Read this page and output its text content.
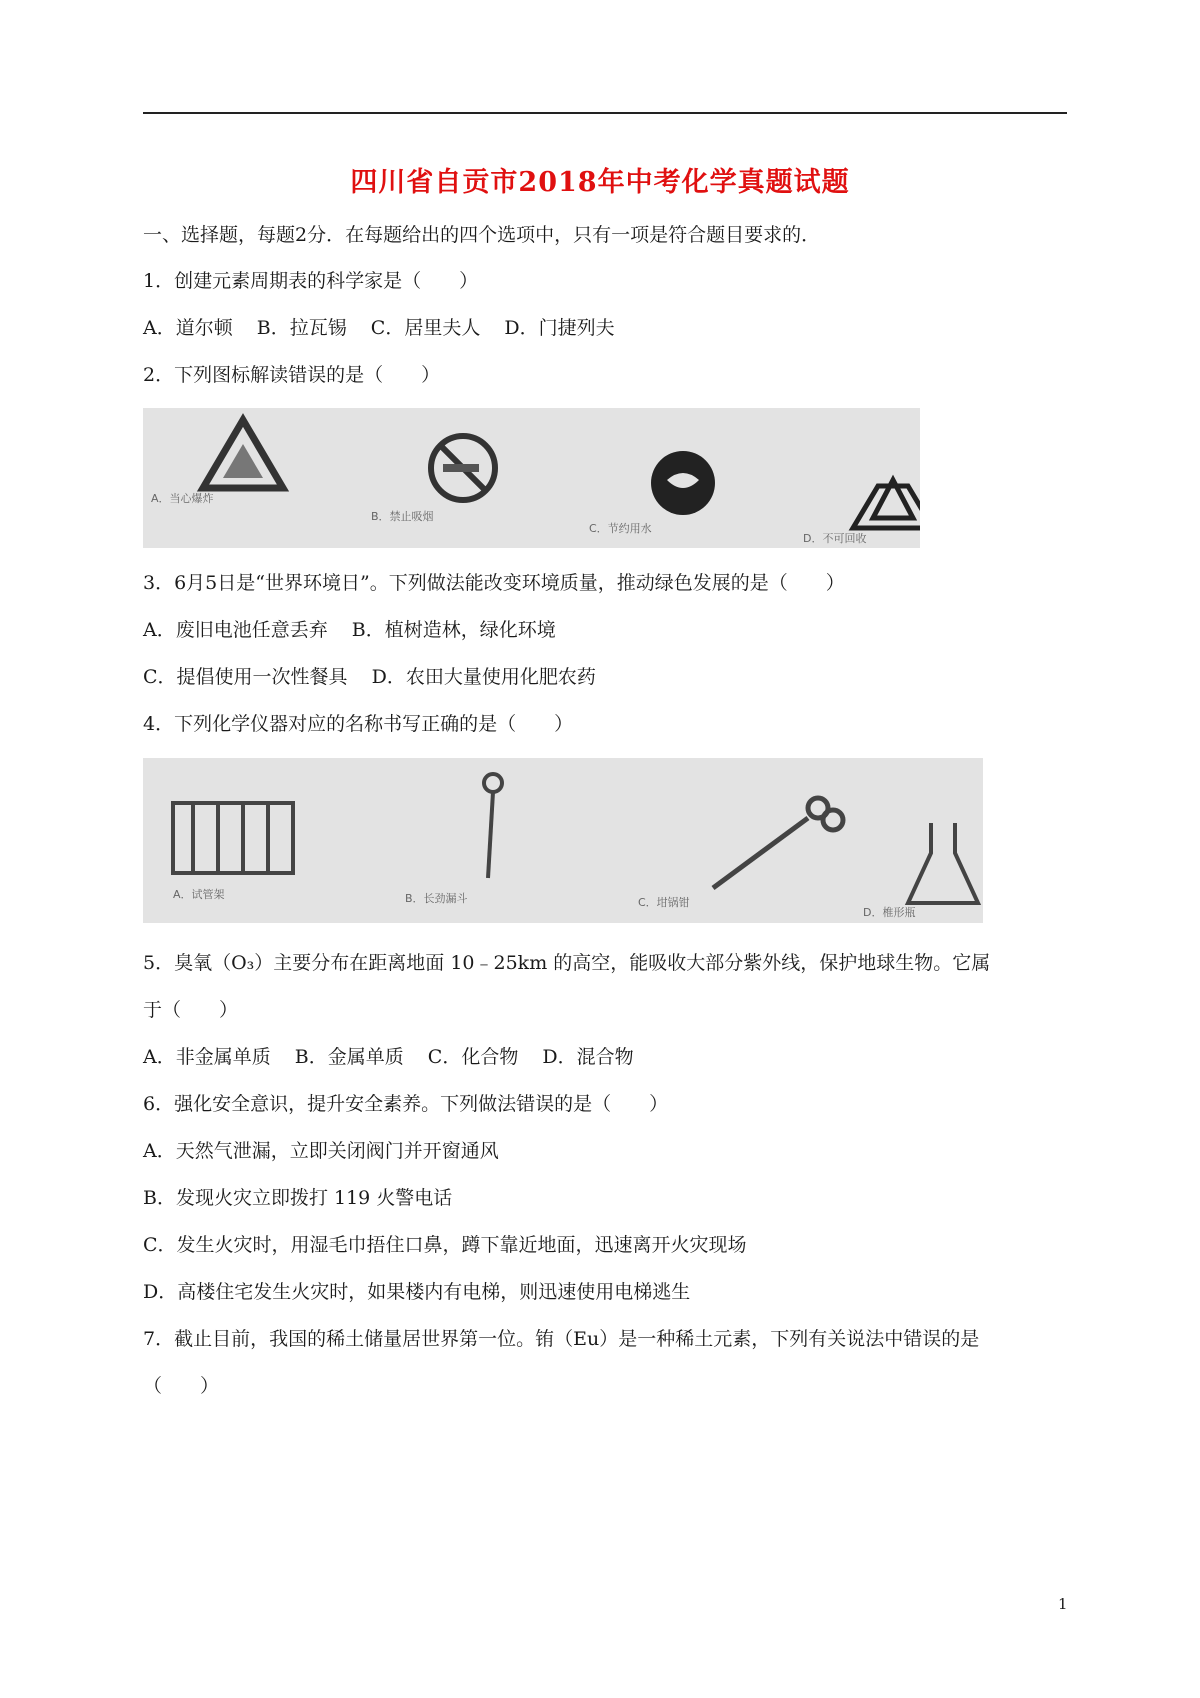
四川省自贡市2018年中考化学真题试题
一、选择题，每题2分．在每题给出的四个选项中，只有一项是符合题目要求的．
1．创建元素周期表的科学家是（　　）
A．道尔顿 B．拉瓦锡 C．居里夫人 D．门捷列夫
2．下列图标解读错误的是（　　）
A．当心爆炸
B．禁止吸烟
C．节约用水
D．不可回收
3．6月5日是“世界环境日”。下列做法能改变环境质量，推动绿色发展的是（　　）
A．废旧电池任意丢弃 B．植树造林，绿化环境
C．提倡使用一次性餐具 D．农田大量使用化肥农药
4．下列化学仪器对应的名称书写正确的是（　　）
A．试管架	B．长劲漏斗	C．坩锅钳
D．椎形瓶
5．臭氧（O₃）主要分布在距离地面 10﹣25km 的高空，能吸收大部分紫外线，保护地球生物。它属
于（　　）
A．非金属单质 B．金属单质 C．化合物 D．混合物
6．强化安全意识，提升安全素养。下列做法错误的是（　　）
A．天然气泄漏，立即关闭阀门并开窗通风
B．发现火灾立即拨打 119 火警电话
C．发生火灾时，用湿毛巾捂住口鼻，蹲下靠近地面，迅速离开火灾现场
D．高楼住宅发生火灾时，如果楼内有电梯，则迅速使用电梯逃生
7．截止目前，我国的稀土储量居世界第一位。铕（Eu）是一种稀土元素，下列有关说法中错误的是
（　　）
1
